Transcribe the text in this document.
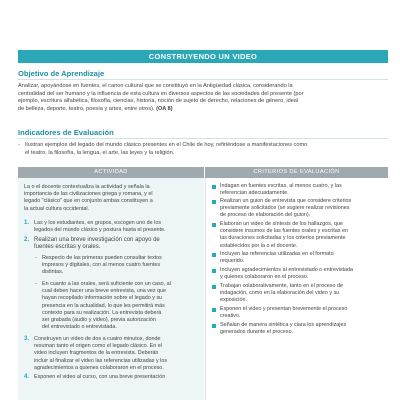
CONSTRUYENDO UN VIDEO
Objetivo de Aprendizaje
Analizar, apoyándose en fuentes, el canon cultural que se constituyó en la Antigüedad clásica, considerando la
centralidad del ser humano y la influencia de esta cultura en diversos aspectos de las sociedades del presente (por
ejemplo, escritura alfabética, filosofía, ciencias, historia, noción de sujeto de derecho, relaciones de género, ideal
de belleza, deporte, teatro, poesía y artes, entre otros). (OA 8)
Indicadores de Evaluación
- Ilustran ejemplos del legado del mundo clásico presentes en el Chile de hoy, refiriéndose a manifestaciones como
el teatro, la filosofía, la lengua, el arte, las leyes y la religión.
ACTIVIDAD	CRITERIOS DE EVALUACIÓN
La o el docente contextualiza la actividad y señala la
importancia de las civilizaciones griega y romana, y el
legado "clásico" que en conjunto ambas constituyen a
la actual cultura occidental.
1. Las y los estudiantes, en grupos, escogen uno de los
legados del mundo clásico y postura hasta el presente.
2. Realizan una breve investigación con apoyo de
fuentes escritas y orales.
- Respecto de las primeras pueden consultar textos
impresos y digitales, con al menos cuatro fuentes
distintas.
- En cuanto a las orales, será suficiente con un caso, al
cual deben hacer una breve entrevista, una vez que
hayan recopilado información sobre el legado y su
presencia en la actualidad, lo que les permitirá más
contexto para su realización. La entrevista deberá
ser grabada (audio y video), previa autorización
del entrevistado o entrevistada.
3. Construyen un video de dos a cuatro minutos, donde
resuman tanto el origen como el legado clásico. En el
video incluyen fragmentos de la entrevista. Deberán
incluir al finalizar el video las referencias utilizadas y los
agradecimientos a quienes colaboraron en el proceso.
4. Exponen el video al curso, con una breve presentación
Indagan en fuentes escritas, al menos cuatro, y las
referencian adecuadamente.
Realizan un guion de entrevista que considere criterios
previamente solicitados (se sugiere realizar revisiones
de proceso de elaboración del guion).
Elaboran un video de síntesis de los hallazgos, que
considere insumos de las fuentes orales y escritas en
las duraciones solicitadas y los criterios previamente
establecidos por la o el docente.
Incluyen las referencias utilizadas en el formato
requerido.
Incluyen agradecimientos al entrevistado o entrevistada
y quienes colaboraron en el proceso.
Trabajan colaborativamente, tanto en el proceso de
indagación, como en la elaboración del video y su
exposición.
Exponen el video y presentan brevemente el proceso
creativo.
Señalan de manera sintética y clara los aprendizajes
generados durante el proceso.
